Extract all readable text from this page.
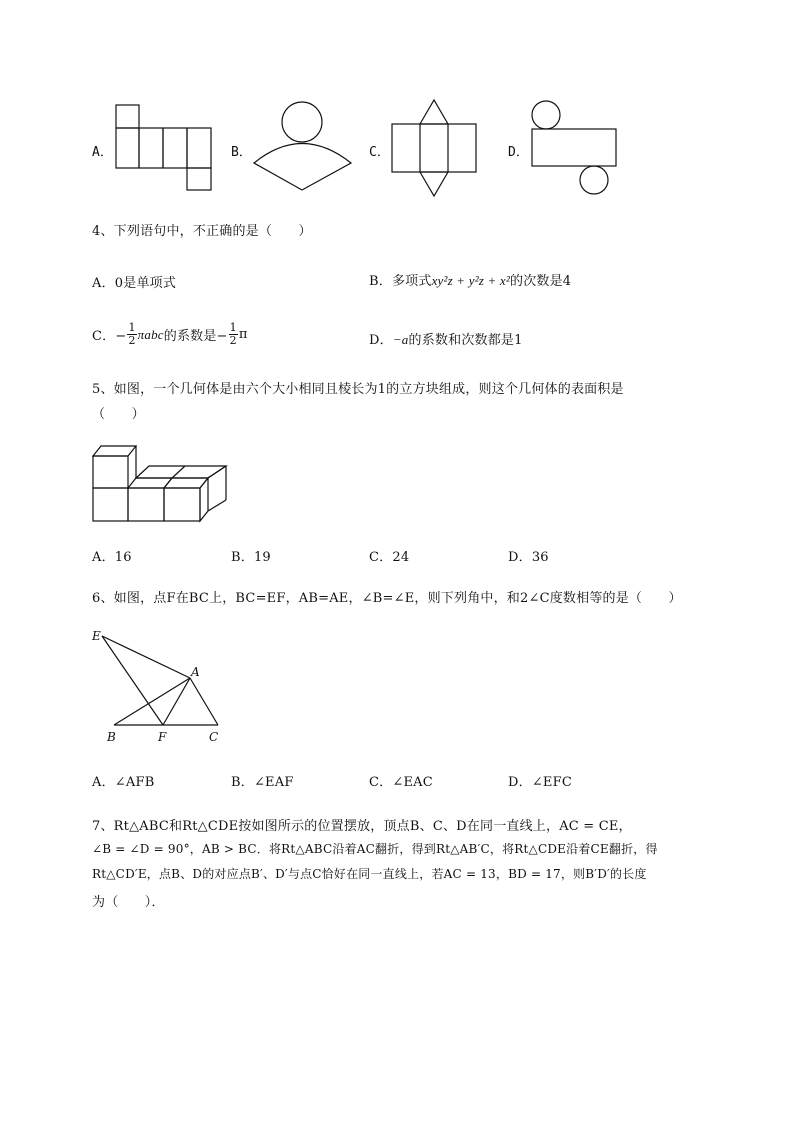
A．	B．	C．	D．
4、下列语句中，不正确的是（　　）
A．0是单项式	B．多项式xy²z + y²z + x²的次数是4
C．− $\frac{1}{2}$ πabc 的系数是− $\frac{1}{2}$ π	D．−a的系数和次数都是1
5、如图，一个几何体是由六个大小相同且棱长为1的立方块组成，则这个几何体的表面积是
（　　）
A．16	B．19	C．24	D．36
6、如图，点F在BC上，BC=EF，AB=AE，∠B=∠E，则下列角中，和2∠C度数相等的是（　　）
E
A
B	F	C
A．∠AFB	B．∠EAF	C．∠EAC	D．∠EFC
7、Rt△ABC和Rt△CDE按如图所示的位置摆放，顶点B、C、D在同一直线上，AC = CE，
∠B = ∠D = 90°，AB > BC．将Rt△ABC沿着AC翻折，得到Rt△AB′C，将Rt△CDE沿着CE翻折，得
Rt△CD′E，点B、D的对应点B′、D′与点C恰好在同一直线上，若AC = 13，BD = 17，则B′D′的长度
为（　　）．
